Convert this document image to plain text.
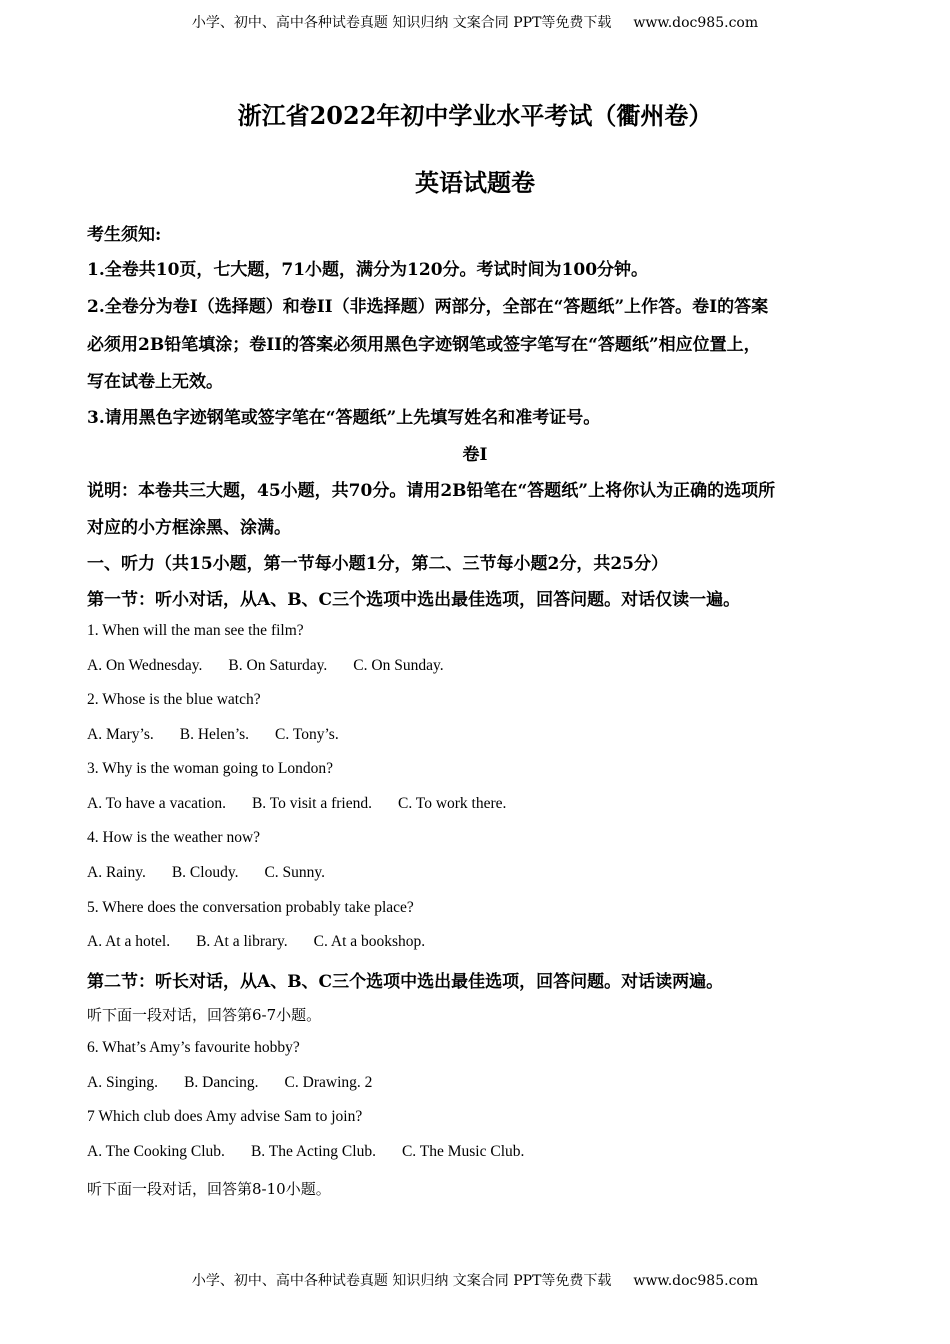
小学、初中、高中各种试卷真题 知识归纳 文案合同 PPT等免费下载 www.doc985.com
浙江省2022年初中学业水平考试（衢州卷）
英语试题卷
考生须知:
1.全卷共10页，七大题，71小题，满分为120分。考试时间为100分钟。
2.全卷分为卷I（选择题）和卷II（非选择题）两部分，全部在“答题纸”上作答。卷I的答案
必须用2B铅笔填涂；卷II的答案必须用黑色字迹钢笔或签字笔写在“答题纸”相应位置上，
写在试卷上无效。
3.请用黑色字迹钢笔或签字笔在“答题纸”上先填写姓名和准考证号。
卷I
说明：本卷共三大题，45小题，共70分。请用2B铅笔在“答题纸”上将你认为正确的选项所
对应的小方框涂黑、涂满。
一、听力（共15小题，第一节每小题1分，第二、三节每小题2分，共25分）
第一节：听小对话，从A、B、C三个选项中选出最佳选项，回答问题。对话仅读一遍。
1. When will the man see the film?
A. On Wednesday. B. On Saturday. C. On Sunday.
2. Whose is the blue watch?
A. Mary’s. B. Helen’s. C. Tony’s.
3. Why is the woman going to London?
A. To have a vacation. B. To visit a friend. C. To work there.
4. How is the weather now?
A. Rainy. B. Cloudy. C. Sunny.
5. Where does the conversation probably take place?
A. At a hotel. B. At a library. C. At a bookshop.
第二节：听长对话，从A、B、C三个选项中选出最佳选项，回答问题。对话读两遍。
听下面一段对话，回答第6-7小题。
6. What’s Amy’s favourite hobby?
A. Singing. B. Dancing. C. Drawing. 2
7 Which club does Amy advise Sam to join?
A. The Cooking Club. B. The Acting Club. C. The Music Club.
听下面一段对话，回答第8-10小题。
小学、初中、高中各种试卷真题 知识归纳 文案合同 PPT等免费下载 www.doc985.com
